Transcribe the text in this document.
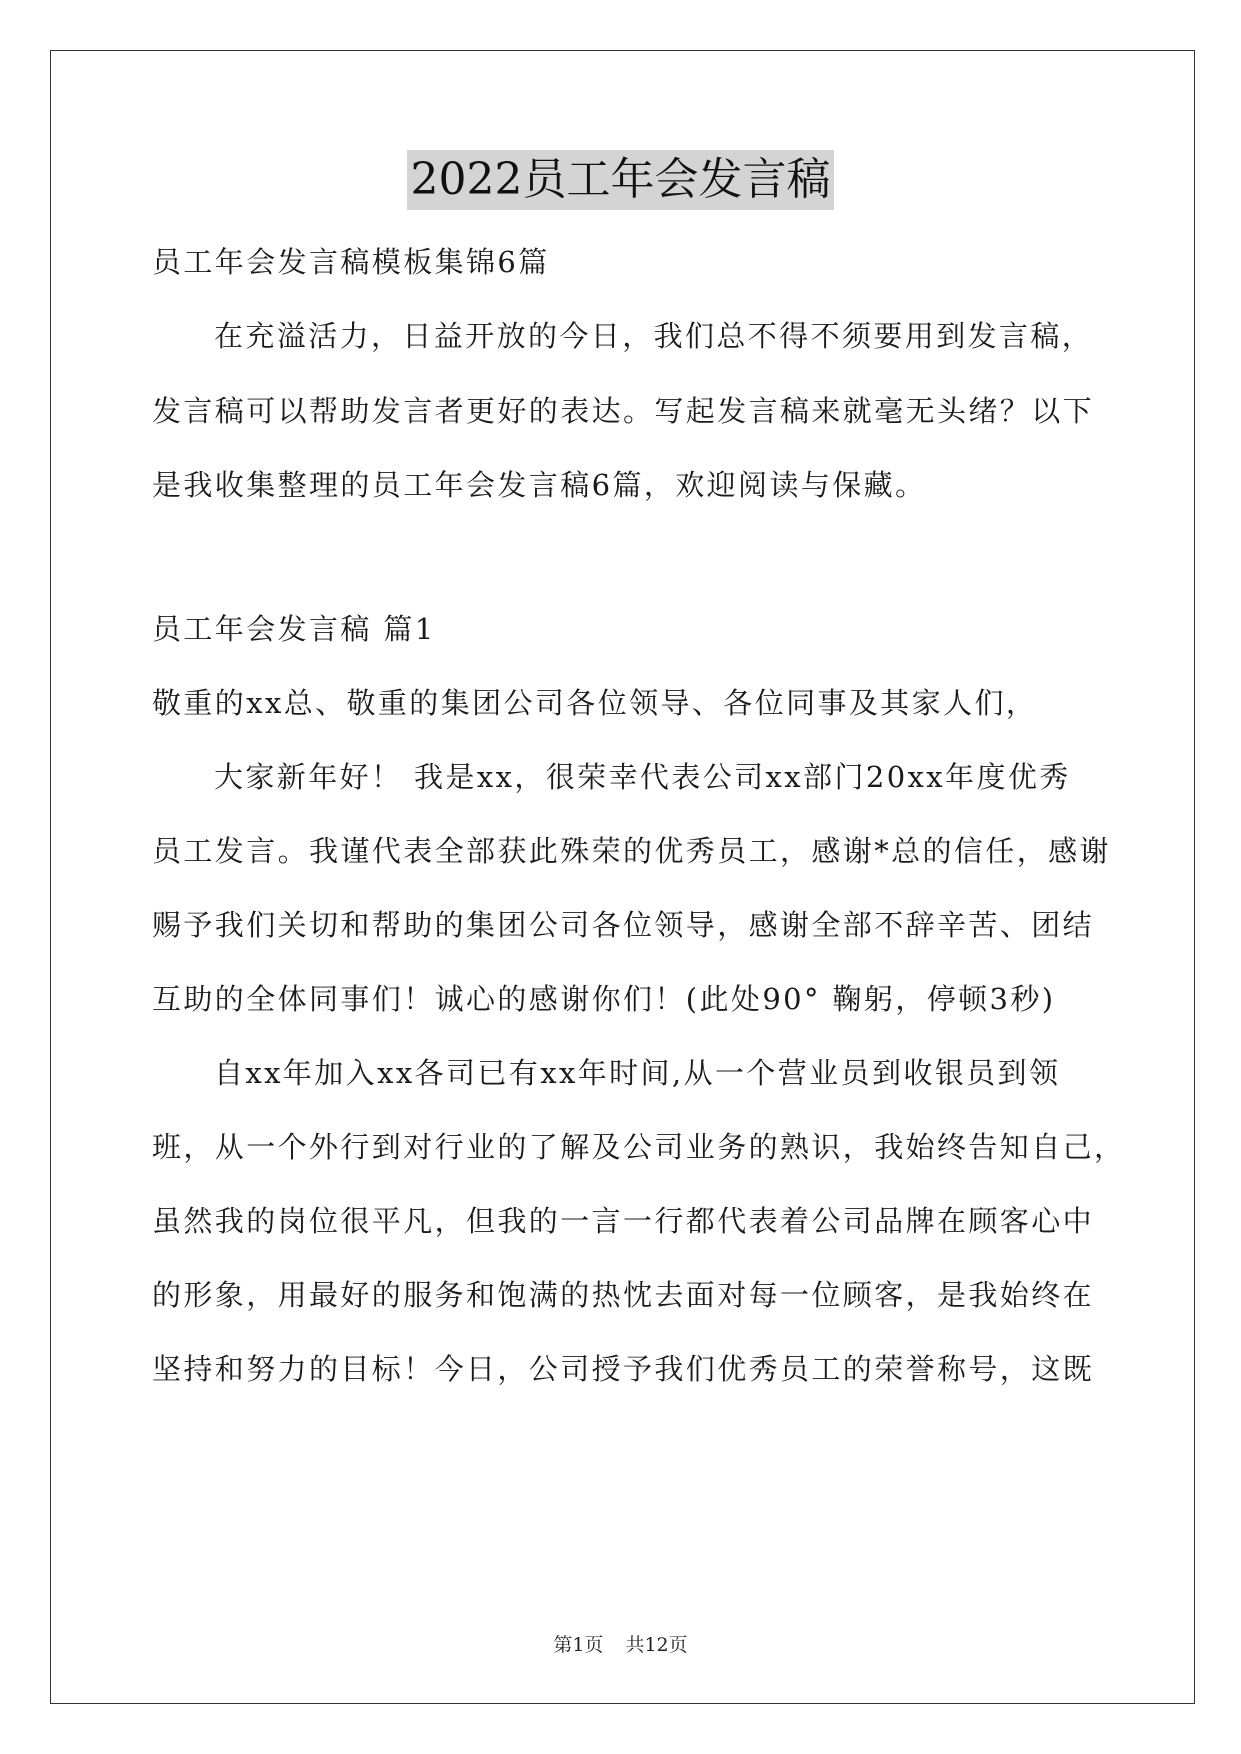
2022员工年会发言稿
员工年会发言稿模板集锦6篇
在充溢活力，日益开放的今日，我们总不得不须要用到发言稿，
发言稿可以帮助发言者更好的表达。写起发言稿来就毫无头绪？以下
是我收集整理的员工年会发言稿6篇，欢迎阅读与保藏。
员工年会发言稿 篇1
敬重的xx总、敬重的集团公司各位领导、各位同事及其家人们，
大家新年好！ 我是xx，很荣幸代表公司xx部门20xx年度优秀
员工发言。我谨代表全部获此殊荣的优秀员工，感谢*总的信任，感谢
赐予我们关切和帮助的集团公司各位领导，感谢全部不辞辛苦、团结
互助的全体同事们！诚心的感谢你们！(此处90° 鞠躬，停顿3秒)
自xx年加入xx各司已有xx年时间,从一个营业员到收银员到领
班，从一个外行到对行业的了解及公司业务的熟识，我始终告知自己，
虽然我的岗位很平凡，但我的一言一行都代表着公司品牌在顾客心中
的形象，用最好的服务和饱满的热忱去面对每一位顾客，是我始终在
坚持和努力的目标！今日，公司授予我们优秀员工的荣誉称号，这既
第1页 共12页
